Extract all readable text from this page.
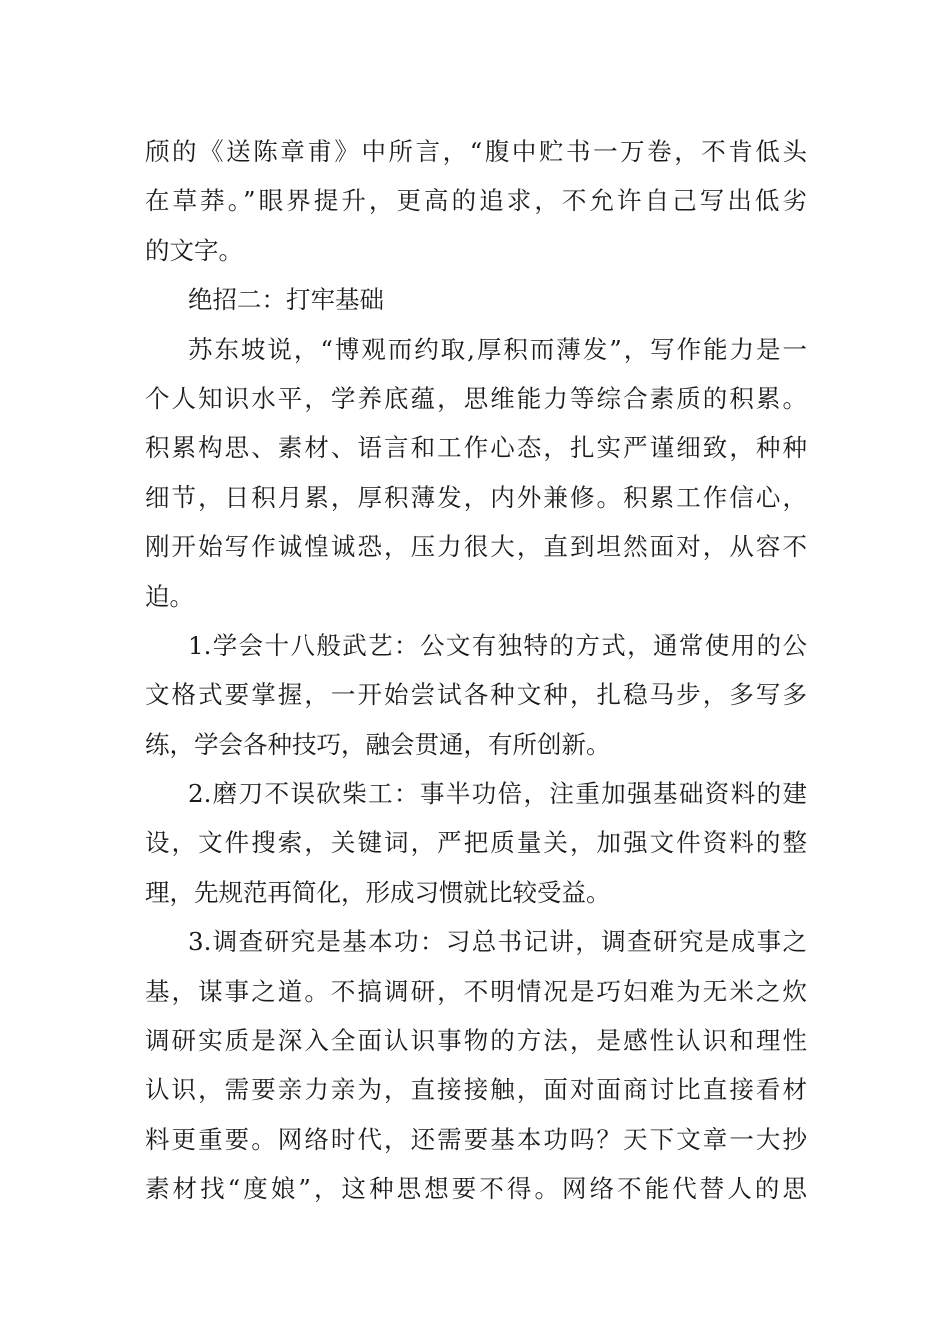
颀的《送陈章甫》中所言，“腹中贮书一万卷，不肯低头
在草莽。”眼界提升，更高的追求，不允许自己写出低劣
的文字。
绝招二：打牢基础
苏东坡说，“博观而约取,厚积而薄发”，写作能力是一
个人知识水平，学养底蕴，思维能力等综合素质的积累。
积累构思、素材、语言和工作心态，扎实严谨细致，种种
细节，日积月累，厚积薄发，内外兼修。积累工作信心，
刚开始写作诚惶诚恐，压力很大，直到坦然面对，从容不
迫。
1.学会十八般武艺：公文有独特的方式，通常使用的公
文格式要掌握，一开始尝试各种文种，扎稳马步，多写多
练，学会各种技巧，融会贯通，有所创新。
2.磨刀不误砍柴工：事半功倍，注重加强基础资料的建
设，文件搜索，关键词，严把质量关，加强文件资料的整
理，先规范再简化，形成习惯就比较受益。
3.调查研究是基本功：习总书记讲，调查研究是成事之
基，谋事之道。不搞调研，不明情况是巧妇难为无米之炊
调研实质是深入全面认识事物的方法，是感性认识和理性
认识，需要亲力亲为，直接接触，面对面商讨比直接看材
料更重要。网络时代，还需要基本功吗？天下文章一大抄
素材找“度娘”，这种思想要不得。网络不能代替人的思
